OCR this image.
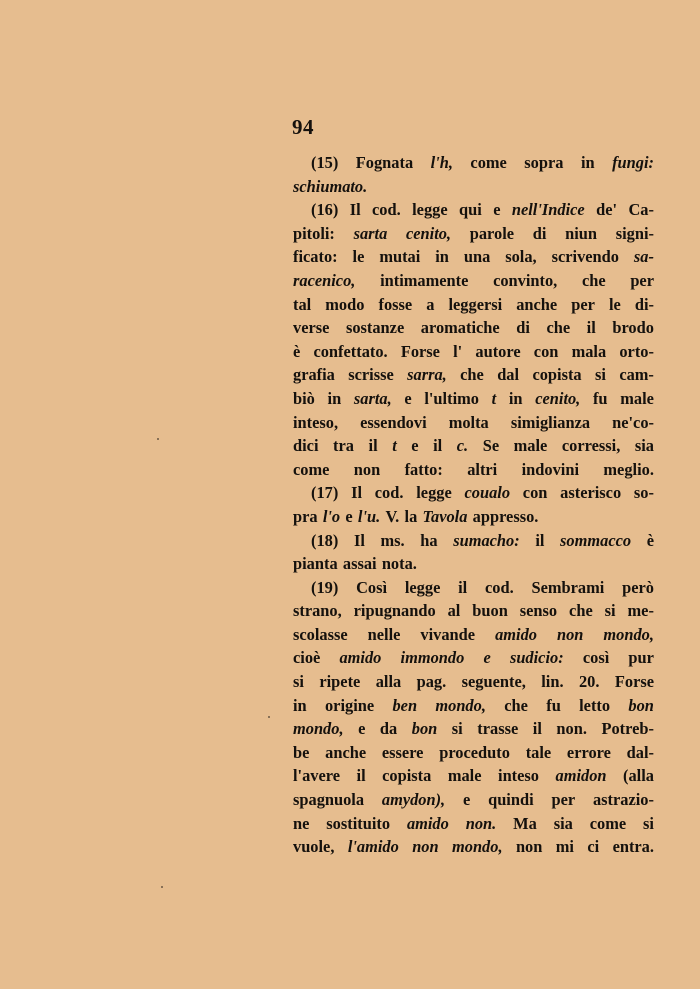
94
(15) Fognata l'h, come sopra in fungi:
schiumato.
(16) Il cod. legge qui e nell'Indice de' Ca-
pitoli: sarta cenito, parole di niun signi-
ficato: le mutai in una sola, scrivendo sa-
racenico, intimamente convinto, che per
tal modo fosse a leggersi anche per le di-
verse sostanze aromatiche di che il brodo
è confettato. Forse l' autore con mala orto-
grafia scrisse sarra, che dal copista si cam-
biò in sarta, e l'ultimo t in cenito, fu male
inteso, essendovi molta simiglianza ne'co-
dici tra il t e il c. Se male corressi, sia
come non fatto: altri indovini meglio.
(17) Il cod. legge coualo con asterisco so-
pra l'o e l'u. V. la Tavola appresso.
(18) Il ms. ha sumacho: il sommacco è
pianta assai nota.
(19) Così legge il cod. Sembrami però
strano, ripugnando al buon senso che si me-
scolasse nelle vivande amido non mondo,
cioè amido immondo e sudicio: così pur
si ripete alla pag. seguente, lin. 20. Forse
in origine ben mondo, che fu letto bon
mondo, e da bon si trasse il non. Potreb-
be anche essere proceduto tale errore dal-
l'avere il copista male inteso amidon (alla
spagnuola amydon), e quindi per astrazio-
ne sostituito amido non. Ma sia come si
vuole, l'amido non mondo, non mi ci entra.
